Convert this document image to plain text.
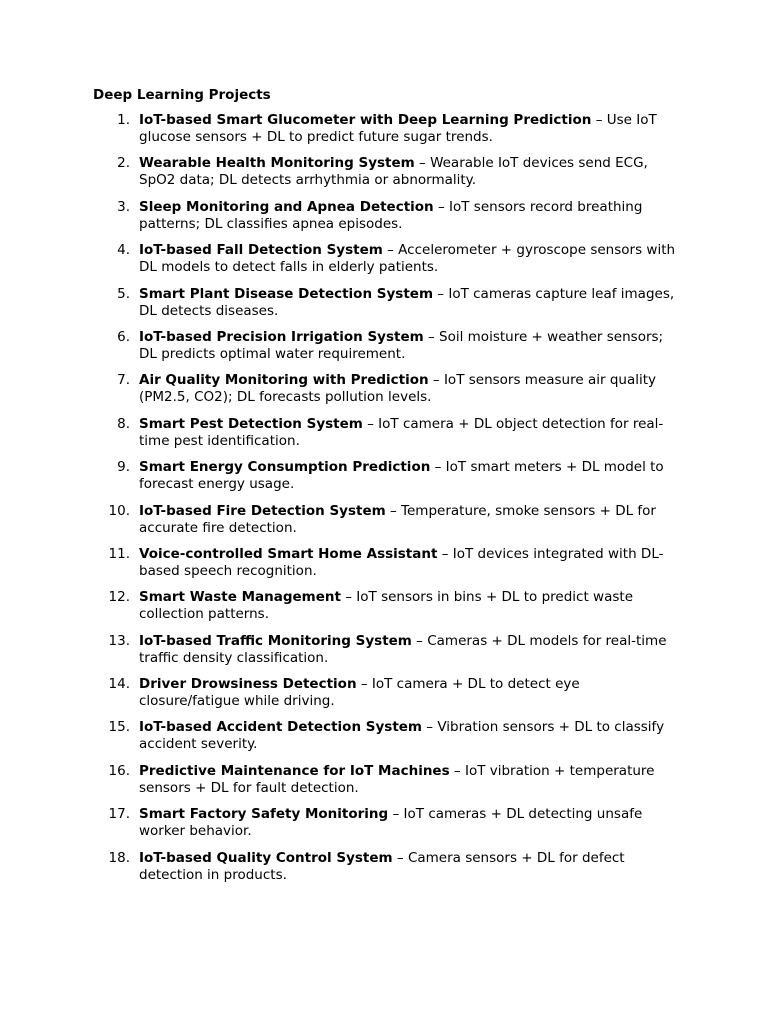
Deep Learning Projects
1. IoT-based Smart Glucometer with Deep Learning Prediction – Use IoT glucose sensors + DL to predict future sugar trends.
2. Wearable Health Monitoring System – Wearable IoT devices send ECG, SpO2 data; DL detects arrhythmia or abnormality.
3. Sleep Monitoring and Apnea Detection – IoT sensors record breathing patterns; DL classifies apnea episodes.
4. IoT-based Fall Detection System – Accelerometer + gyroscope sensors with DL models to detect falls in elderly patients.
5. Smart Plant Disease Detection System – IoT cameras capture leaf images, DL detects diseases.
6. IoT-based Precision Irrigation System – Soil moisture + weather sensors; DL predicts optimal water requirement.
7. Air Quality Monitoring with Prediction – IoT sensors measure air quality (PM2.5, CO2); DL forecasts pollution levels.
8. Smart Pest Detection System – IoT camera + DL object detection for real-time pest identification.
9. Smart Energy Consumption Prediction – IoT smart meters + DL model to forecast energy usage.
10. IoT-based Fire Detection System – Temperature, smoke sensors + DL for accurate fire detection.
11. Voice-controlled Smart Home Assistant – IoT devices integrated with DL-based speech recognition.
12. Smart Waste Management – IoT sensors in bins + DL to predict waste collection patterns.
13. IoT-based Traffic Monitoring System – Cameras + DL models for real-time traffic density classification.
14. Driver Drowsiness Detection – IoT camera + DL to detect eye closure/fatigue while driving.
15. IoT-based Accident Detection System – Vibration sensors + DL to classify accident severity.
16. Predictive Maintenance for IoT Machines – IoT vibration + temperature sensors + DL for fault detection.
17. Smart Factory Safety Monitoring – IoT cameras + DL detecting unsafe worker behavior.
18. IoT-based Quality Control System – Camera sensors + DL for defect detection in products.
